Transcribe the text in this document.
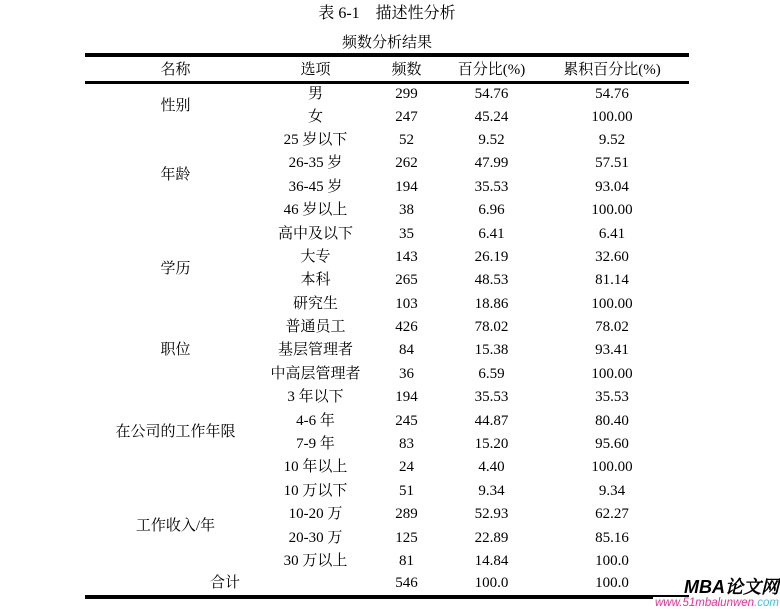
表 6-1　描述性分析
频数分析结果
名称	选项	频数	百分比(%)	累积百分比(%)
性别	男	299	54.76	54.76
	女	247	45.24	100.00
年龄	25 岁以下	52	9.52	9.52
	26-35 岁	262	47.99	57.51
	36-45 岁	194	35.53	93.04
	46 岁以上	38	6.96	100.00
学历	高中及以下	35	6.41	6.41
	大专	143	26.19	32.60
	本科	265	48.53	81.14
	研究生	103	18.86	100.00
职位	普通员工	426	78.02	78.02
	基层管理者	84	15.38	93.41
	中高层管理者	36	6.59	100.00
在公司的工作年限	3 年以下	194	35.53	35.53
	4-6 年	245	44.87	80.40
	7-9 年	83	15.20	95.60
	10 年以上	24	4.40	100.00
工作收入/年	10 万以下	51	9.34	9.34
	10-20 万	289	52.93	62.27
	20-30 万	125	22.89	85.16
	30 万以上	81	14.84	100.0
合计		546	100.0	100.0	MBA论文网
www.51mbalunwen.com
